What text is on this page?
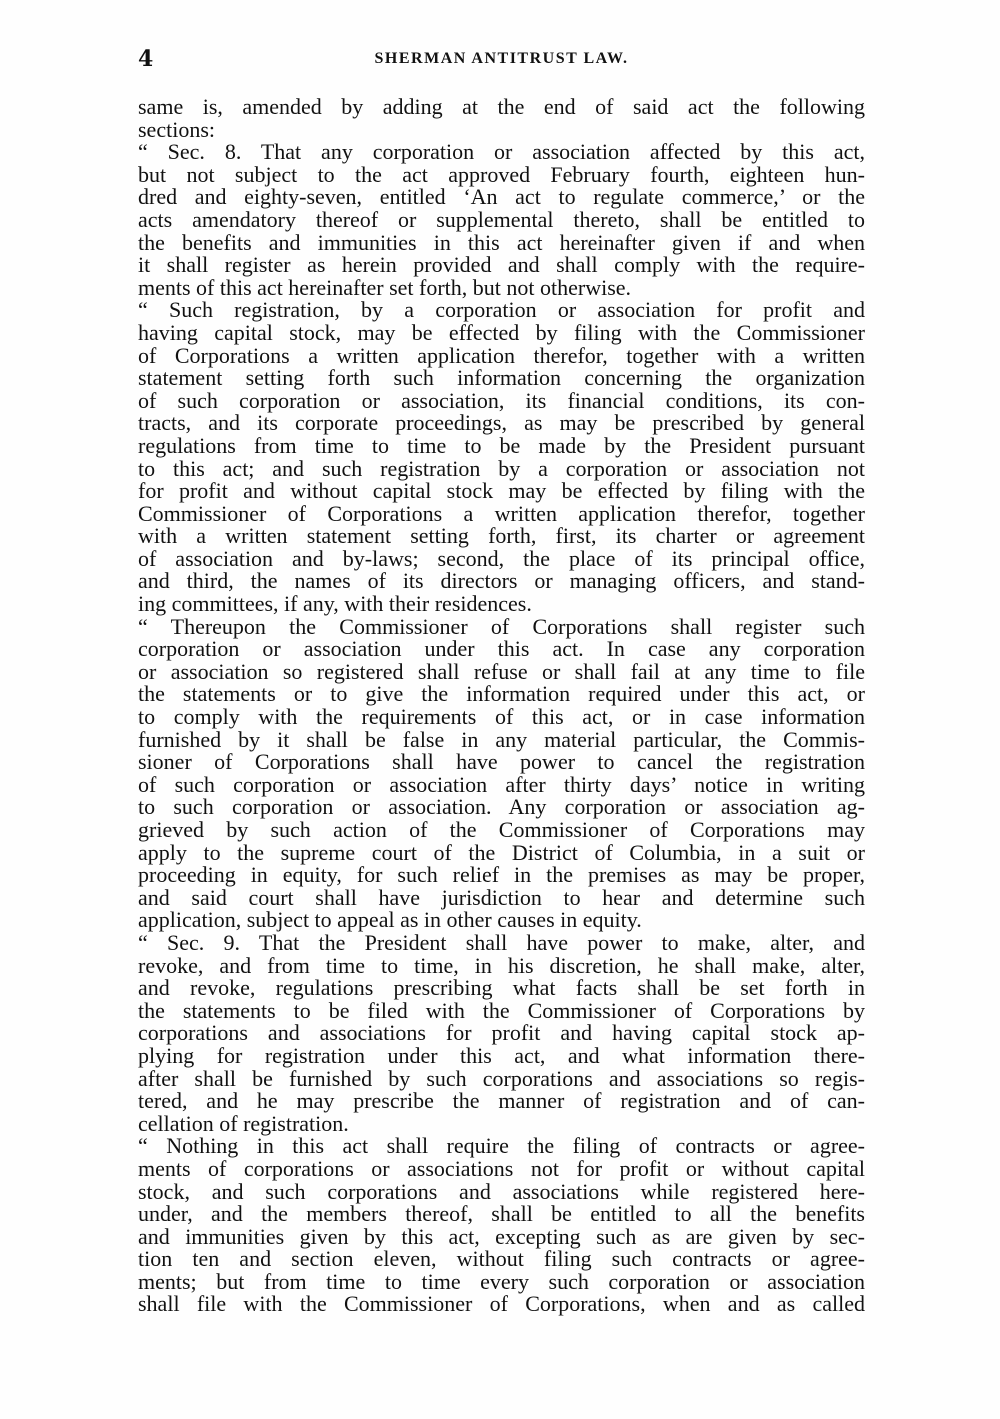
4	SHERMAN ANTITRUST LAW.
same is, amended by adding at the end of said act the following
sections:
“ Sec. 8. That any corporation or association affected by this act,
but not subject to the act approved February fourth, eighteen hun-
dred and eighty-seven, entitled ‘An act to regulate commerce,’ or the
acts amendatory thereof or supplemental thereto, shall be entitled to
the benefits and immunities in this act hereinafter given if and when
it shall register as herein provided and shall comply with the require-
ments of this act hereinafter set forth, but not otherwise.
“ Such registration, by a corporation or association for profit and
having capital stock, may be effected by filing with the Commissioner
of Corporations a written application therefor, together with a written
statement setting forth such information concerning the organization
of such corporation or association, its financial conditions, its con-
tracts, and its corporate proceedings, as may be prescribed by general
regulations from time to time to be made by the President pursuant
to this act; and such registration by a corporation or association not
for profit and without capital stock may be effected by filing with the
Commissioner of Corporations a written application therefor, together
with a written statement setting forth, first, its charter or agreement
of association and by-laws; second, the place of its principal office,
and third, the names of its directors or managing officers, and stand-
ing committees, if any, with their residences.
“ Thereupon the Commissioner of Corporations shall register such
corporation or association under this act. In case any corporation
or association so registered shall refuse or shall fail at any time to file
the statements or to give the information required under this act, or
to comply with the requirements of this act, or in case information
furnished by it shall be false in any material particular, the Commis-
sioner of Corporations shall have power to cancel the registration
of such corporation or association after thirty days’ notice in writing
to such corporation or association. Any corporation or association ag-
grieved by such action of the Commissioner of Corporations may
apply to the supreme court of the District of Columbia, in a suit or
proceeding in equity, for such relief in the premises as may be proper,
and said court shall have jurisdiction to hear and determine such
application, subject to appeal as in other causes in equity.
“ Sec. 9. That the President shall have power to make, alter, and
revoke, and from time to time, in his discretion, he shall make, alter,
and revoke, regulations prescribing what facts shall be set forth in
the statements to be filed with the Commissioner of Corporations by
corporations and associations for profit and having capital stock ap-
plying for registration under this act, and what information there-
after shall be furnished by such corporations and associations so regis-
tered, and he may prescribe the manner of registration and of can-
cellation of registration.
“ Nothing in this act shall require the filing of contracts or agree-
ments of corporations or associations not for profit or without capital
stock, and such corporations and associations while registered here-
under, and the members thereof, shall be entitled to all the benefits
and immunities given by this act, excepting such as are given by sec-
tion ten and section eleven, without filing such contracts or agree-
ments; but from time to time every such corporation or association
shall file with the Commissioner of Corporations, when and as called
